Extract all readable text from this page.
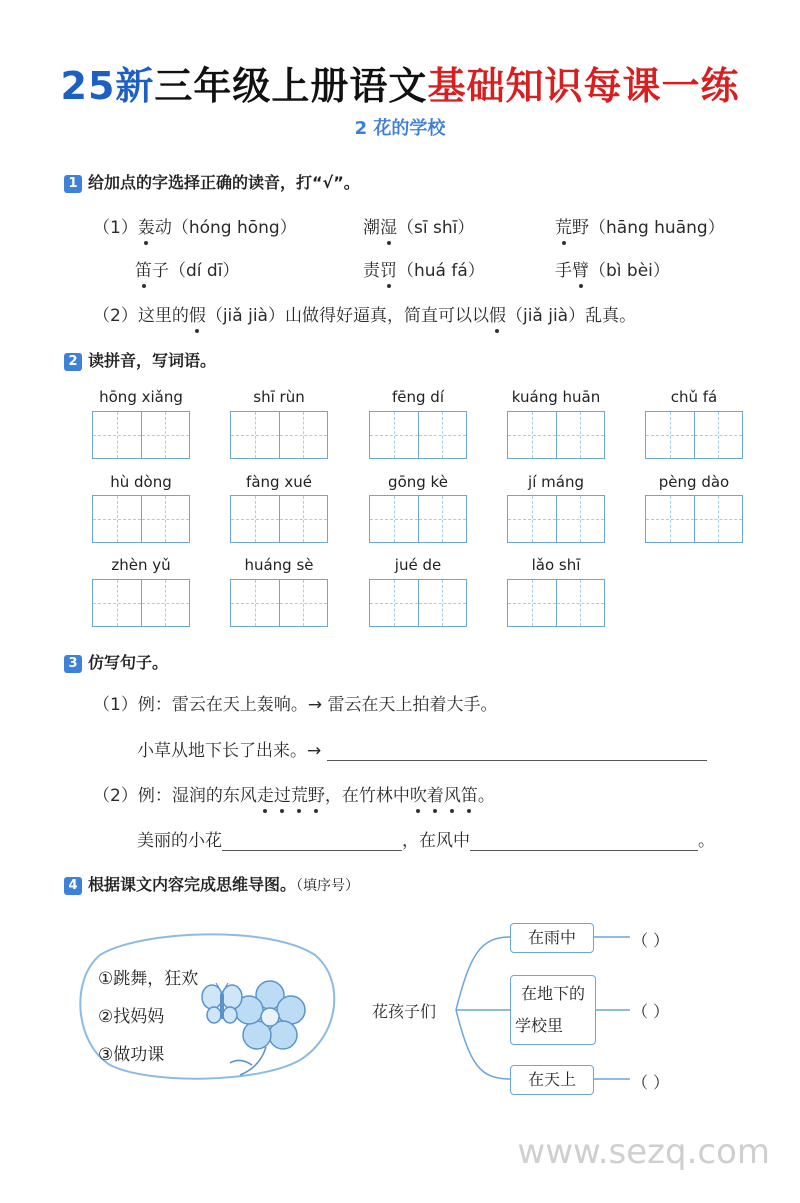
25新三年级上册语文基础知识每课一练
2 花的学校
1 给加点的字选择正确的读音，打“√”。
（1）轰动（hóng hōng）	潮湿（sī shī）	荒野（hāng huāng）
笛子（dí dī）	责罚（huá fá）	手臂（bì bèi）
（2）这里的假（jiǎ jià）山做得好逼真，简直可以以假（jiǎ jià）乱真。
2 读拼音，写词语。
hōng xiǎng	shī rùn	fēng dí	kuáng huān	chǔ fá
hù dòng	fàng xué	gōng kè	jí máng	pèng dào
zhèn yǔ	huáng sè	jué de	lǎo shī
3 仿写句子。
（1）例：雷云在天上轰响。→ 雷云在天上拍着大手。
小草从地下长了出来。→
（2）例：湿润的东风走过荒野，在竹林中吹着风笛。
美丽的小花	，在风中	。
4 根据课文内容完成思维导图。（填序号）
①跳舞，狂欢
②找妈妈
③做功课
花孩子们
在雨中
在地下的
学校里
在天上
（ ）
（ ）
（ ）
www.sezq.com
